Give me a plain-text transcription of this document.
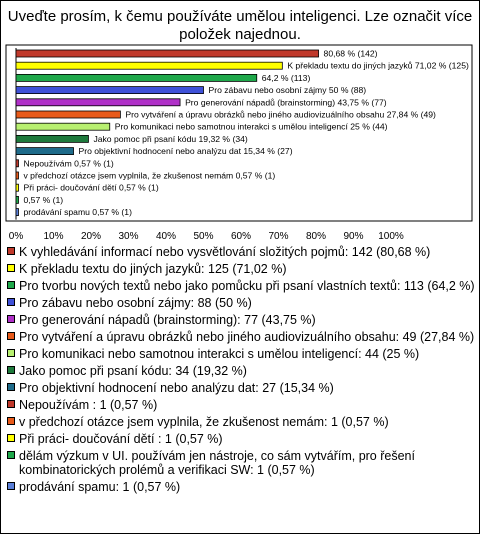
Uveďte prosím, k čemu používáte umělou inteligenci. Lze označit více položek najednou.
80,68 % (142)
K překladu textu do jiných jazyků 71,02 % (125)
64,2 % (113)
Pro zábavu nebo osobní zájmy 50 % (88)
Pro generování nápadů (brainstorming) 43,75 % (77)
Pro vytváření a úpravu obrázků nebo jiného audiovizuálního obsahu 27,84 % (49)
Pro komunikaci nebo samotnou interakci s umělou inteligencí 25 % (44)
Jako pomoc při psaní kódu 19,32 % (34)
Pro objektivní hodnocení nebo analýzu dat 15,34 % (27)
Nepoužívám 0,57 % (1)
v předchozí otázce jsem vyplnila, že zkušenost nemám 0,57 % (1)
Při práci- doučování dětí 0,57 % (1)
0,57 % (1)
prodávání spamu 0,57 % (1)
0% 10% 20% 30% 40% 50% 60% 70% 80% 90% 100%
K vyhledávání informací nebo vysvětlování složitých pojmů: 142 (80,68 %)
K překladu textu do jiných jazyků: 125 (71,02 %)
Pro tvorbu nových textů nebo jako pomůcku při psaní vlastních textů: 113 (64,2 %)
Pro zábavu nebo osobní zájmy: 88 (50 %)
Pro generování nápadů (brainstorming): 77 (43,75 %)
Pro vytváření a úpravu obrázků nebo jiného audiovizuálního obsahu: 49 (27,84 %)
Pro komunikaci nebo samotnou interakci s umělou inteligencí: 44 (25 %)
Jako pomoc při psaní kódu: 34 (19,32 %)
Pro objektivní hodnocení nebo analýzu dat: 27 (15,34 %)
Nepoužívám : 1 (0,57 %)
v předchozí otázce jsem vyplnila, že zkušenost nemám: 1 (0,57 %)
Při práci- doučování dětí : 1 (0,57 %)
dělám výzkum v UI. používám jen nástroje, co sám vytvářím, pro řešení kombinatorických prolémů a verifikaci SW: 1 (0,57 %)
prodávání spamu: 1 (0,57 %)
